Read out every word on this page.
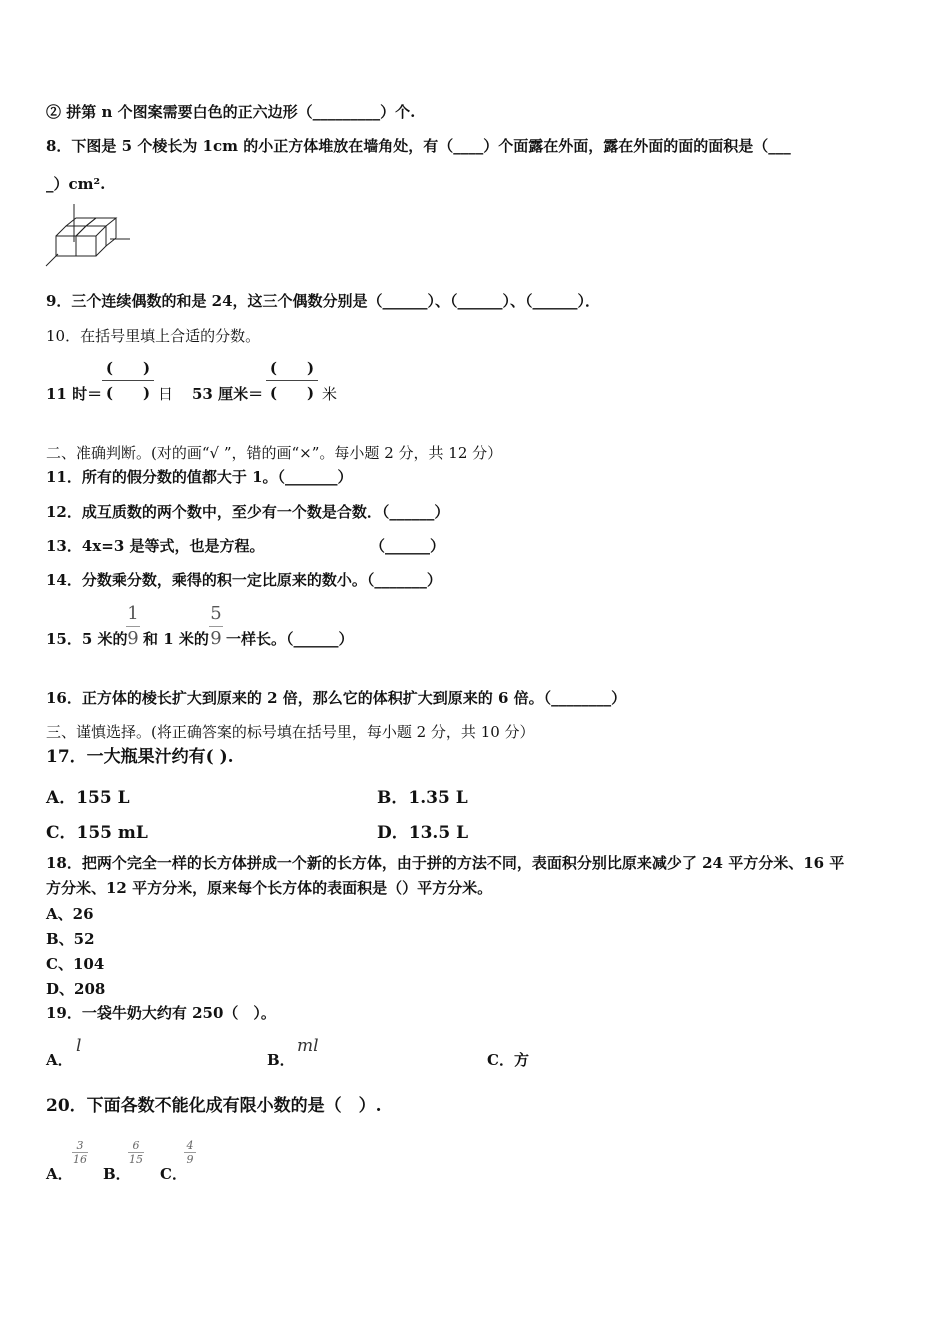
② 拼第 n 个图案需要白色的正六边形（_________）个.
8．下图是 5 个棱长为 1cm 的小正方体堆放在墙角处，有（____）个面露在外面，露在外面的面的面积是（___
_）cm².
9．三个连续偶数的和是 24，这三个偶数分别是（______）、（______）、（______）．
10．在括号里填上合适的分数。
11 时＝
(　　)
(　　) 日 53 厘米＝
(　　)
(　　) 米
二、准确判断。(对的画“√ ”，错的画“×”。每小题 2 分，共 12 分）
11．所有的假分数的值都大于 1。（_______）
12．成互质数的两个数中，至少有一个数是合数．（______）
13．4x=3 是等式，也是方程。	（______）
14．分数乘分数，乘得的积一定比原来的数小。（_______）
15．5 米的
1
9 和 1 米的
5
9 一样长。（______）
16．正方体的棱长扩大到原来的 2 倍，那么它的体积扩大到原来的 6 倍。（________）
三、谨慎选择。(将正确答案的标号填在括号里，每小题 2 分，共 10 分）
17．一大瓶果汁约有( ).
A．155 L	B．1.35 L
C．155 mL	D．13.5 L
18．把两个完全一样的长方体拼成一个新的长方体，由于拼的方法不同，表面积分别比原来减少了 24 平方分米、16 平
方分米、12 平方分米，原来每个长方体的表面积是（）平方分米。
A、26
B、52
C、104
D、208
19．一袋牛奶大约有 250（　）。
A．
l
B．
ml
C．方
20．下面各数不能化成有限小数的是（　）.
A．
3
16
B．
6
15
C．
4
9
